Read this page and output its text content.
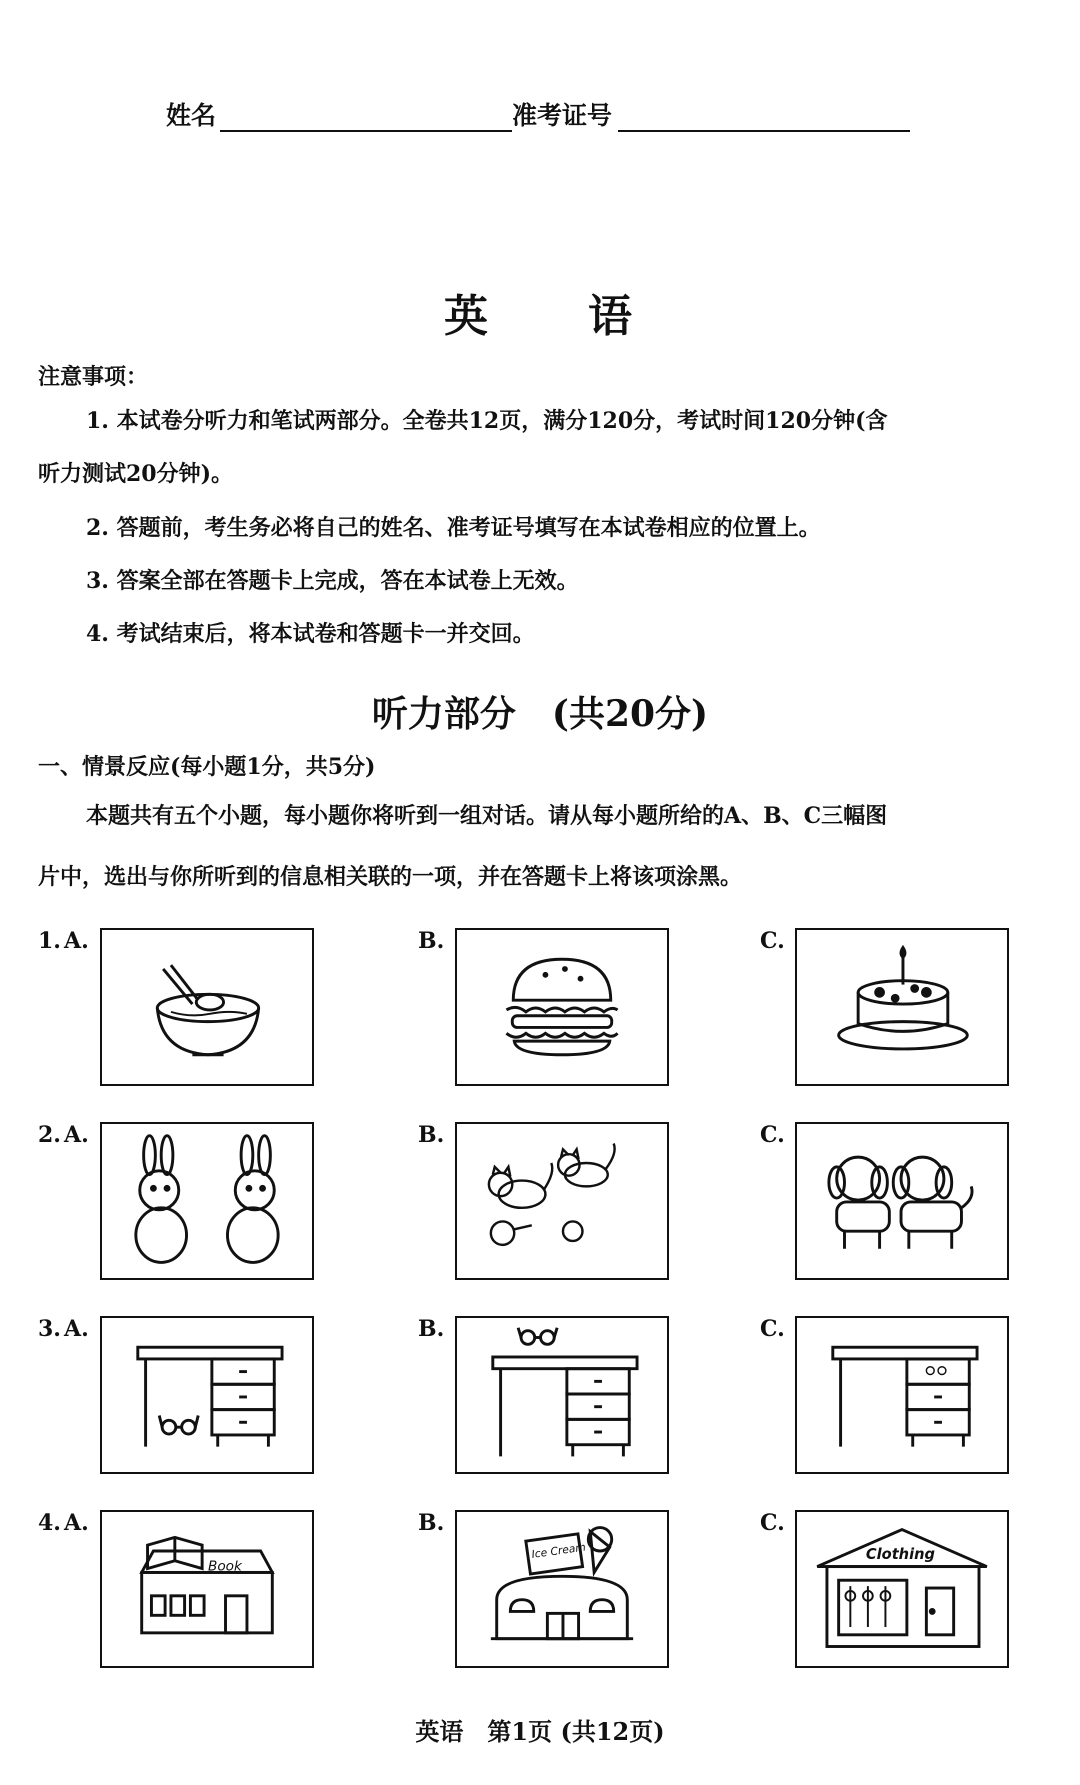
姓名	准考证号
英　　语
注意事项：
1. 本试卷分听力和笔试两部分。全卷共12页，满分120分，考试时间120分钟(含
听力测试20分钟)。
2. 答题前，考生务必将自己的姓名、准考证号填写在本试卷相应的位置上。
3. 答案全部在答题卡上完成，答在本试卷上无效。
4. 考试结束后，将本试卷和答题卡一并交回。
听力部分　(共20分)
一、情景反应(每小题1分，共5分)
本题共有五个小题，每小题你将听到一组对话。请从每小题所给的A、B、C三幅图
片中，选出与你所听到的信息相关联的一项，并在答题卡上将该项涂黑。
1. A.	B.	C.
2. A.	B.	C.
3. A.	B.	C.
4. A.	B.	C.
Book
Ice Cream	Clothing
英语　第1页 (共12页)
